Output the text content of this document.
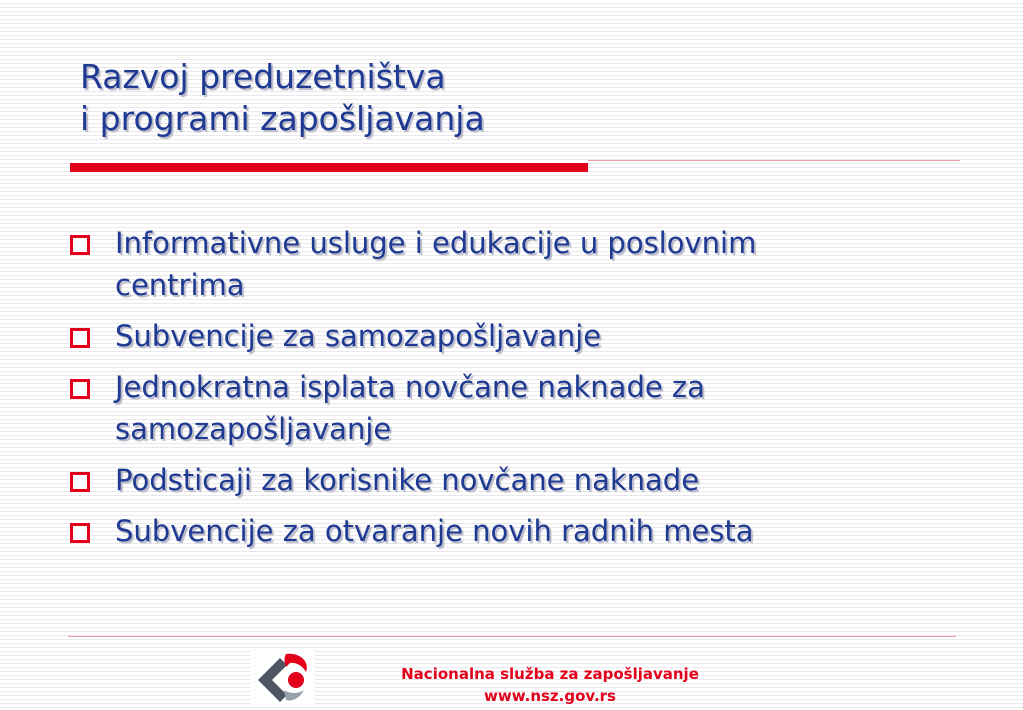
Razvoj preduzetništva
i programi zapošljavanja
Informativne usluge i edukacije u poslovnim
centrima
Subvencije za samozapošljavanje
Jednokratna isplata novčane naknade za
samozapošljavanje
Podsticaji za korisnike novčane naknade
Subvencije za otvaranje novih radnih mesta
Nacionalna služba za zapošljavanje
www.nsz.gov.rs
